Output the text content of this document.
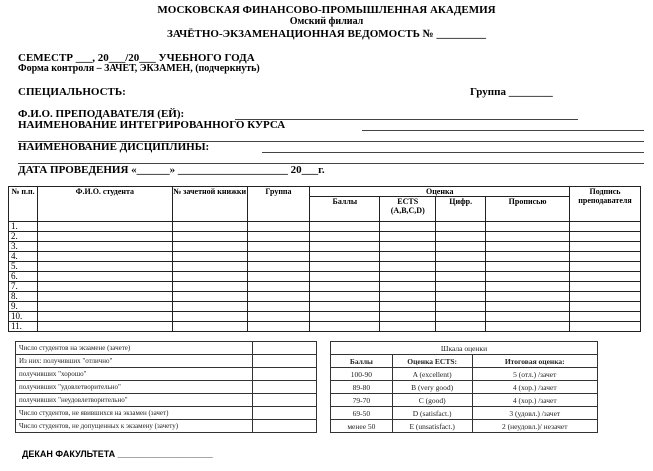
МОСКОВСКАЯ ФИНАНСОВО-ПРОМЫШЛЕННАЯ АКАДЕМИЯ
Омский филиал
ЗАЧЁТНО-ЭКЗАМЕНАЦИОННАЯ ВЕДОМОСТЬ № _________
СЕМЕСТР ___, 20___/20___ УЧЕБНОГО ГОДА
Форма контроля – ЗАЧЕТ, ЭКЗАМЕН, (подчеркнуть)
СПЕЦИАЛЬНОСТЬ:	Группа ________
Ф.И.О. ПРЕПОДАВАТЕЛЯ (ЕЙ):
НАИМЕНОВАНИЕ ИНТЕГРИРОВАННОГО КУРСА
НАИМЕНОВАНИЕ ДИСЦИПЛИНЫ:
ДАТА ПРОВЕДЕНИЯ «______» ____________________ 20___г.
№ п.п.	Ф.И.О. студента	№ зачетной книжки	Группа	Оценка				Подпись преподавателя
				Баллы	ECTS (A,B,C,D)	Цифр.	Прописью	
1.								
2.								
3.								
4.								
5.								
6.								
7.								
8.								
9.								
10.								
11.								
Число студентов на экзамене (зачете)	
Из них: получивших "отлично"	
получивших "хорошо"	
получивших "удовлетворительно"	
получивших "неудовлетворительно"	
Число студентов, не явившихся на экзамен (зачет)	
Число студентов, не допущенных к экзамену (зачету)	
Шкала оценки		
Баллы	Оценка ECTS:	Итоговая оценка:
100-90	A (excellent)	5 (отл.) /зачет
89-80	B (very good)	4 (хор.) /зачет
79-70	C (good)	4 (хор.) /зачет
69-50	D (satisfact.)	3 (удовл.) /зачет
менее 50	E (unsatisfact.)	2 (неудовл.)/ незачет
ДЕКАН ФАКУЛЬТЕТА ___________________
